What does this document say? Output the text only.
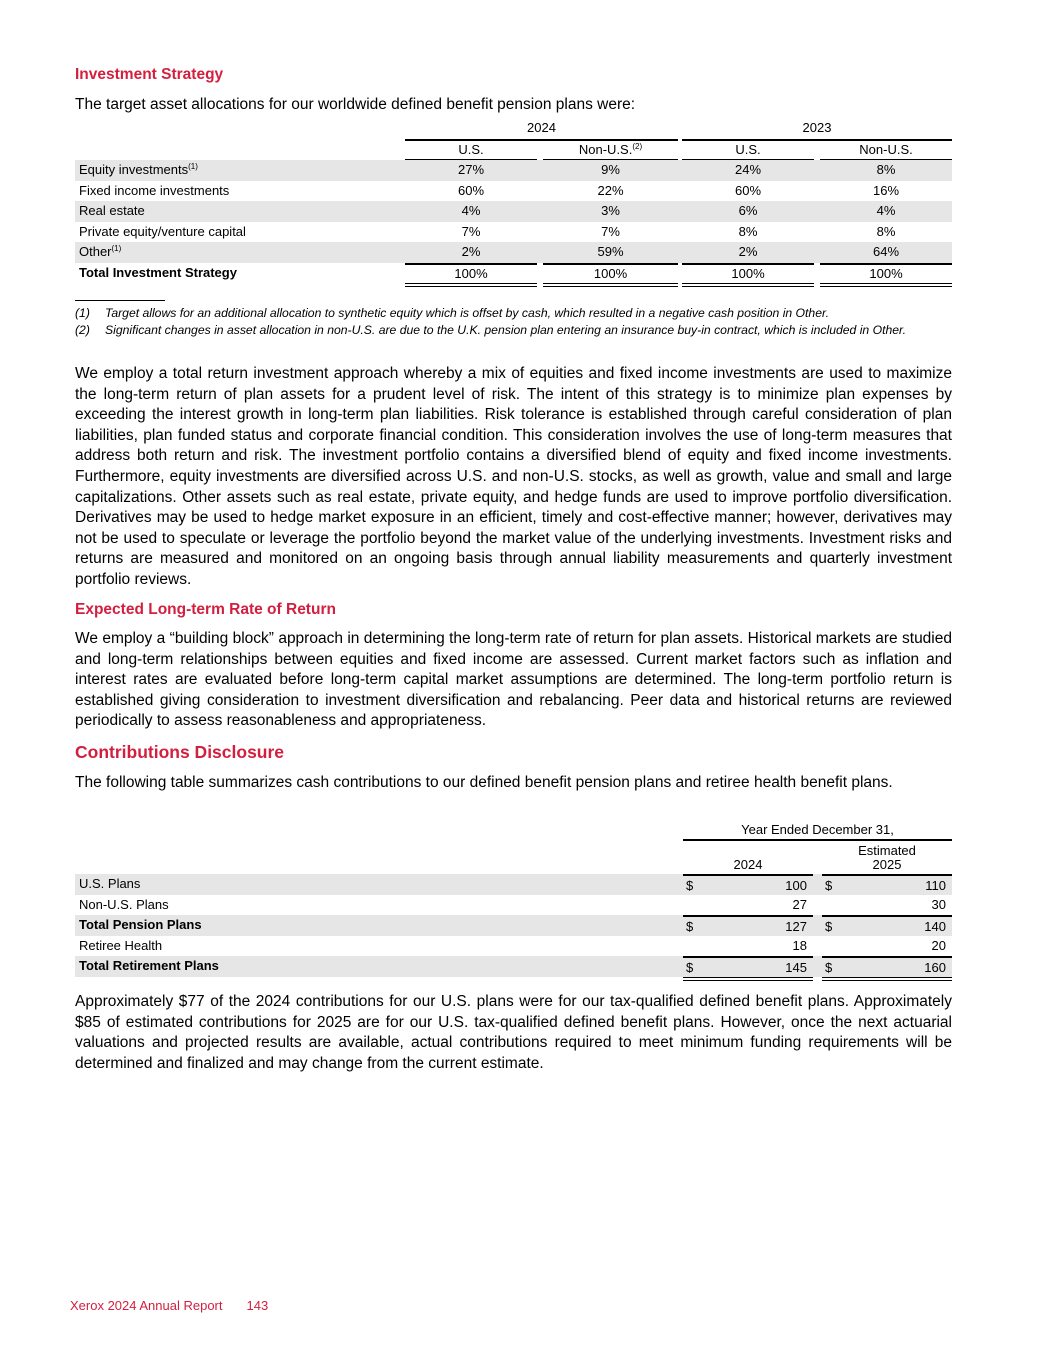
Investment Strategy
The target asset allocations for our worldwide defined benefit pension plans were:
2024	2023
U.S.	Non-U.S.$^{(2)}$	U.S.	Non-U.S.
Equity investments$^{(1)}$	27%	9%	24%	8%
Fixed income investments	60%	22%	60%	16%
Real estate	4%	3%	6%	4%
Private equity/venture capital	7%	7%	8%	8%
Other$^{(1)}$	2%	59%	2%	64%
Total Investment Strategy	100%	100%	100%	100%
(1) Target allows for an additional allocation to synthetic equity which is offset by cash, which resulted in a negative cash position in Other.
(2) Significant changes in asset allocation in non-U.S. are due to the U.K. pension plan entering an insurance buy-in contract, which is included in Other.
We employ a total return investment approach whereby a mix of equities and fixed income investments are used to maximize the long-term return of plan assets for a prudent level of risk. The intent of this strategy is to minimize plan expenses by exceeding the interest growth in long-term plan liabilities. Risk tolerance is established through careful consideration of plan liabilities, plan funded status and corporate financial condition. This consideration involves the use of long-term measures that address both return and risk. The investment portfolio contains a diversified blend of equity and fixed income investments. Furthermore, equity investments are diversified across U.S. and non-U.S. stocks, as well as growth, value and small and large capitalizations. Other assets such as real estate, private equity, and hedge funds are used to improve portfolio diversification. Derivatives may be used to hedge market exposure in an efficient, timely and cost-effective manner; however, derivatives may not be used to speculate or leverage the portfolio beyond the market value of the underlying investments. Investment risks and returns are measured and monitored on an ongoing basis through annual liability measurements and quarterly investment portfolio reviews.
Expected Long-term Rate of Return
We employ a “building block” approach in determining the long-term rate of return for plan assets. Historical markets are studied and long-term relationships between equities and fixed income are assessed. Current market factors such as inflation and interest rates are evaluated before long-term capital market assumptions are determined. The long-term portfolio return is established giving consideration to investment diversification and rebalancing. Peer data and historical returns are reviewed periodically to assess reasonableness and appropriateness.
Contributions Disclosure
The following table summarizes cash contributions to our defined benefit pension plans and retiree health benefit plans.
Year Ended December 31,
2024
Estimated
2025
U.S. Plans	$	100 $	110
Non-U.S. Plans	27	30
Total Pension Plans	$	127 $	140
Retiree Health	18	20
Total Retirement Plans	$	145 $	160
Approximately $77 of the 2024 contributions for our U.S. plans were for our tax-qualified defined benefit plans. Approximately $85 of estimated contributions for 2025 are for our U.S. tax-qualified defined benefit plans. However, once the next actuarial valuations and projected results are available, actual contributions required to meet minimum funding requirements will be determined and finalized and may change from the current estimate.
Xerox 2024 Annual Report 143
